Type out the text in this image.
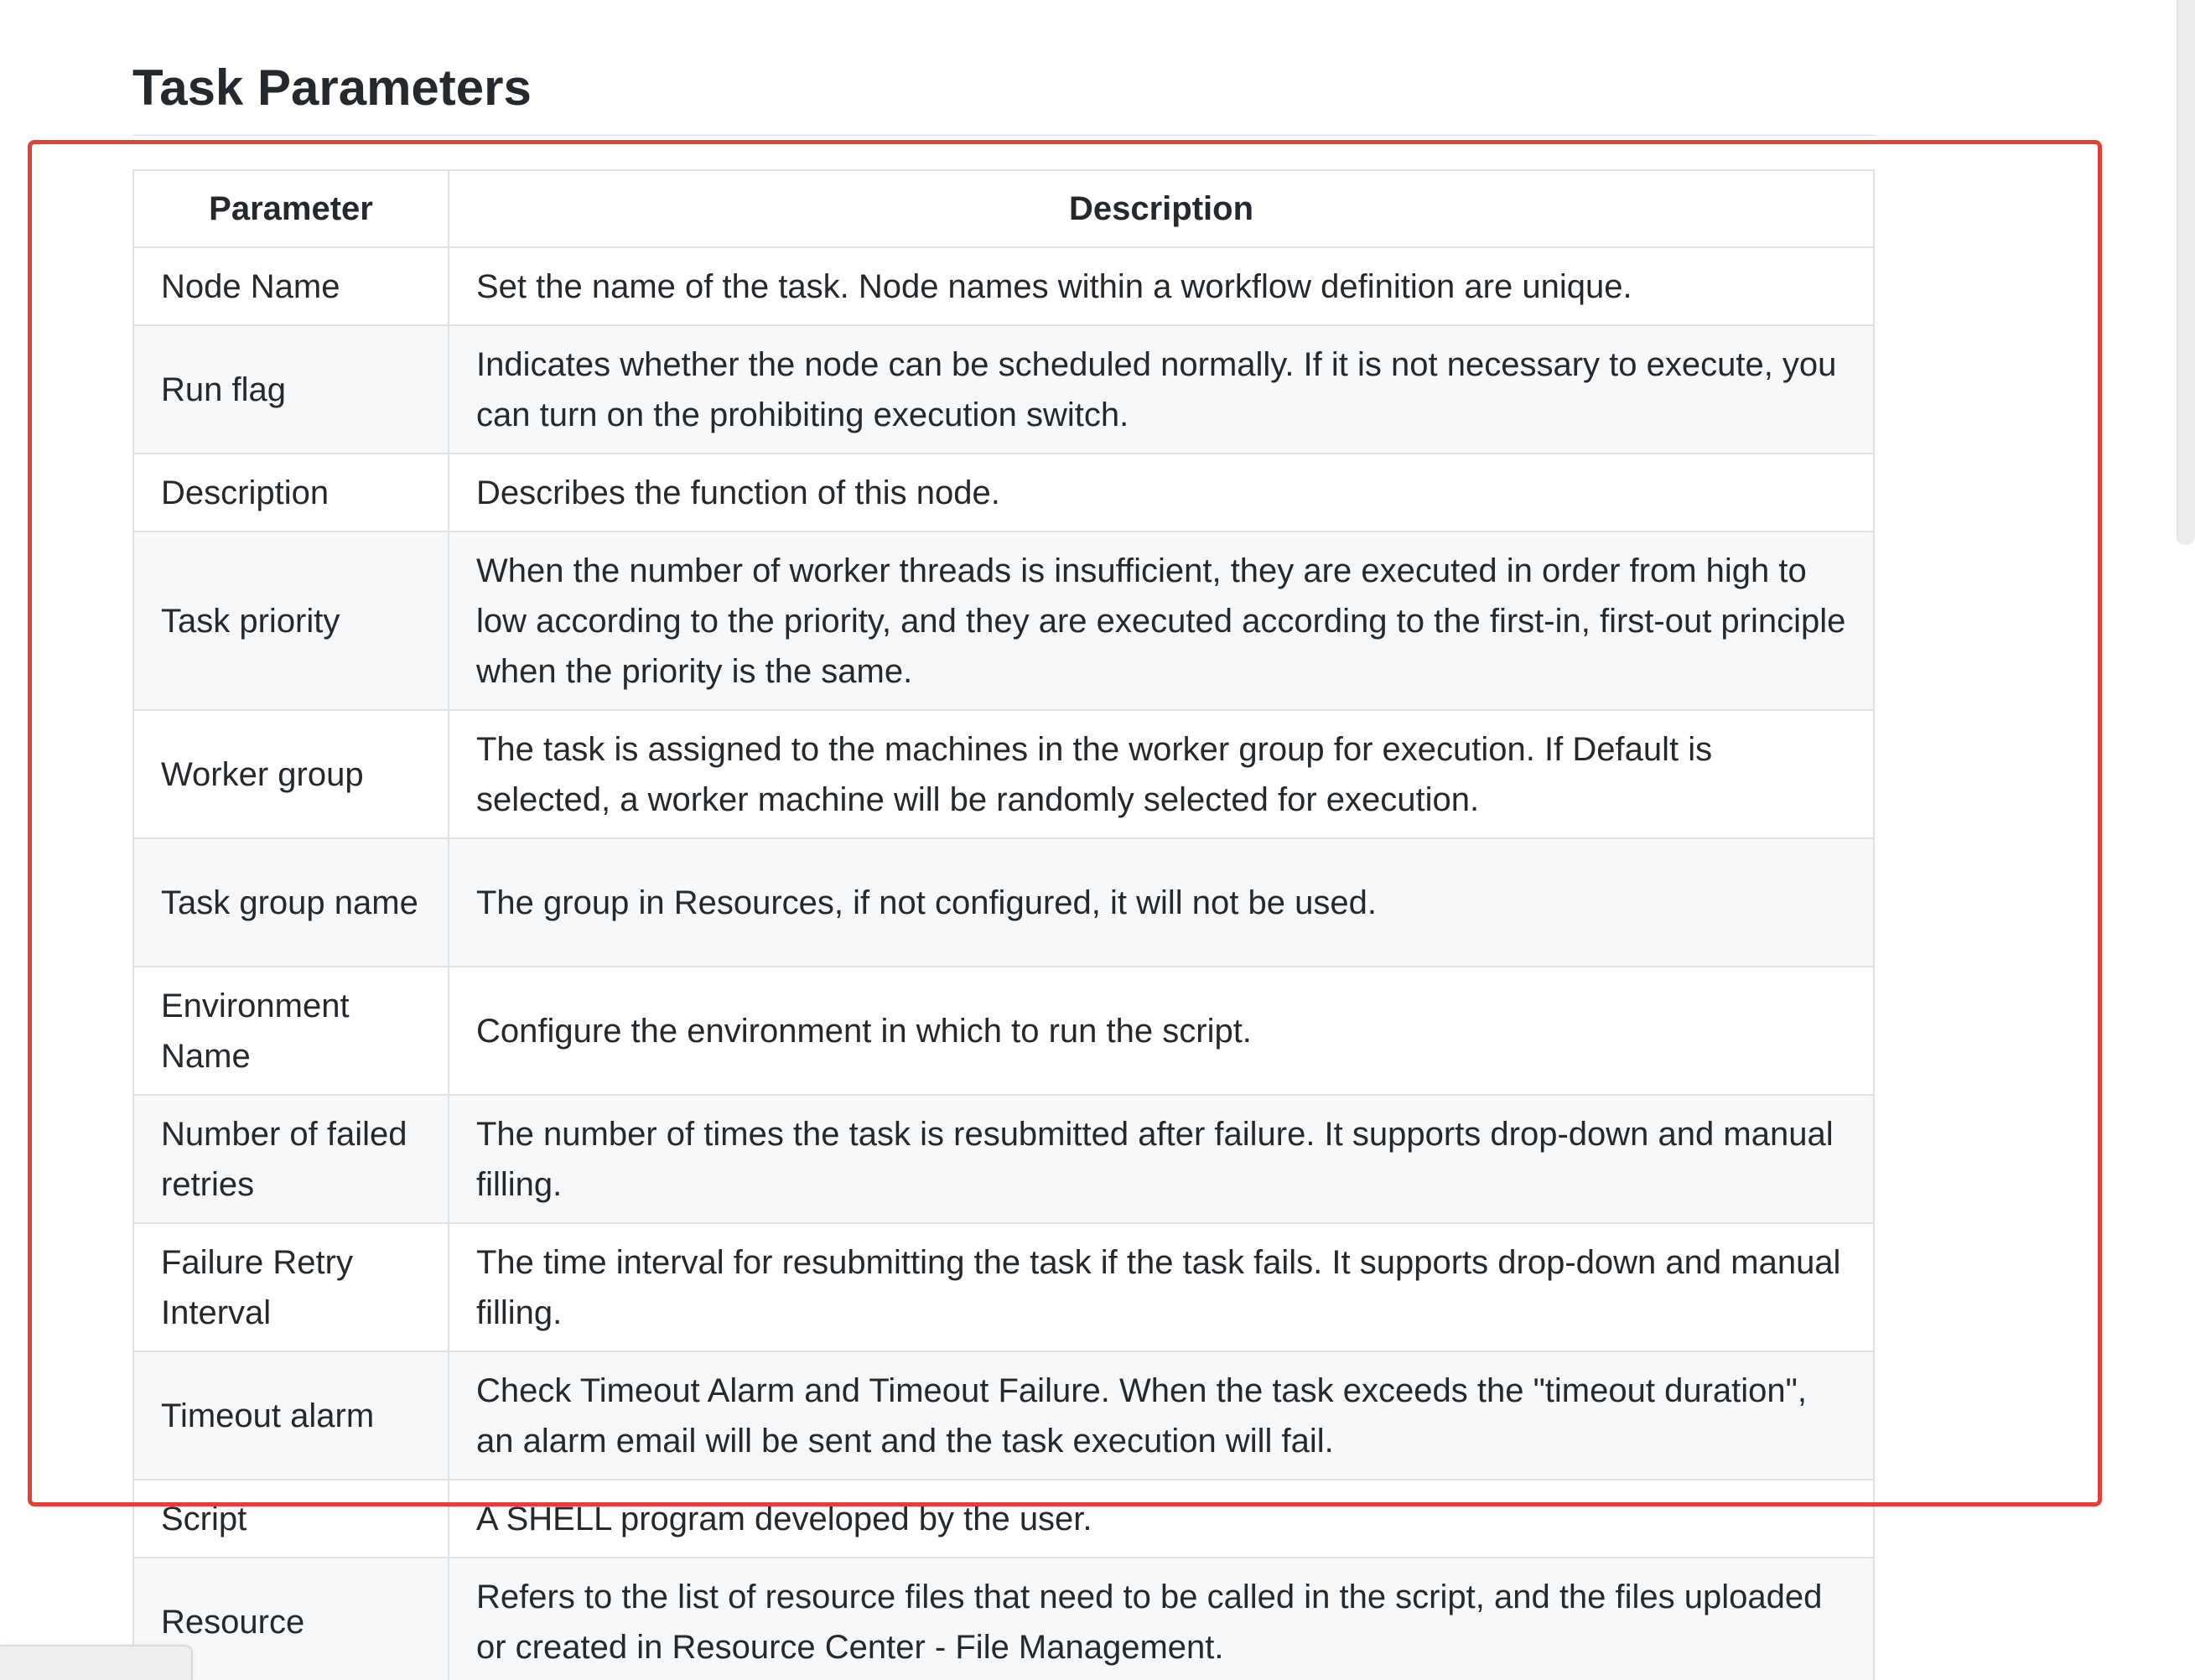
Task Parameters
Parameter	Description
Node Name	Set the name of the task. Node names within a workflow definition are unique.
Run flag	Indicates whether the node can be scheduled normally. If it is not necessary to execute, you can turn on the prohibiting execution switch.
Description	Describes the function of this node.
Task priority	When the number of worker threads is insufficient, they are executed in order from high to low according to the priority, and they are executed according to the first-in, first-out principle when the priority is the same.
Worker group	The task is assigned to the machines in the worker group for execution. If Default is selected, a worker machine will be randomly selected for execution.
Task group name	The group in Resources, if not configured, it will not be used.
Environment Name	Configure the environment in which to run the script.
Number of failed retries	The number of times the task is resubmitted after failure. It supports drop-down and manual filling.
Failure Retry Interval	The time interval for resubmitting the task if the task fails. It supports drop-down and manual filling.
Timeout alarm	Check Timeout Alarm and Timeout Failure. When the task exceeds the "timeout duration", an alarm email will be sent and the task execution will fail.
Script	A SHELL program developed by the user.
Resource	Refers to the list of resource files that need to be called in the script, and the files uploaded or created in Resource Center - File Management.
